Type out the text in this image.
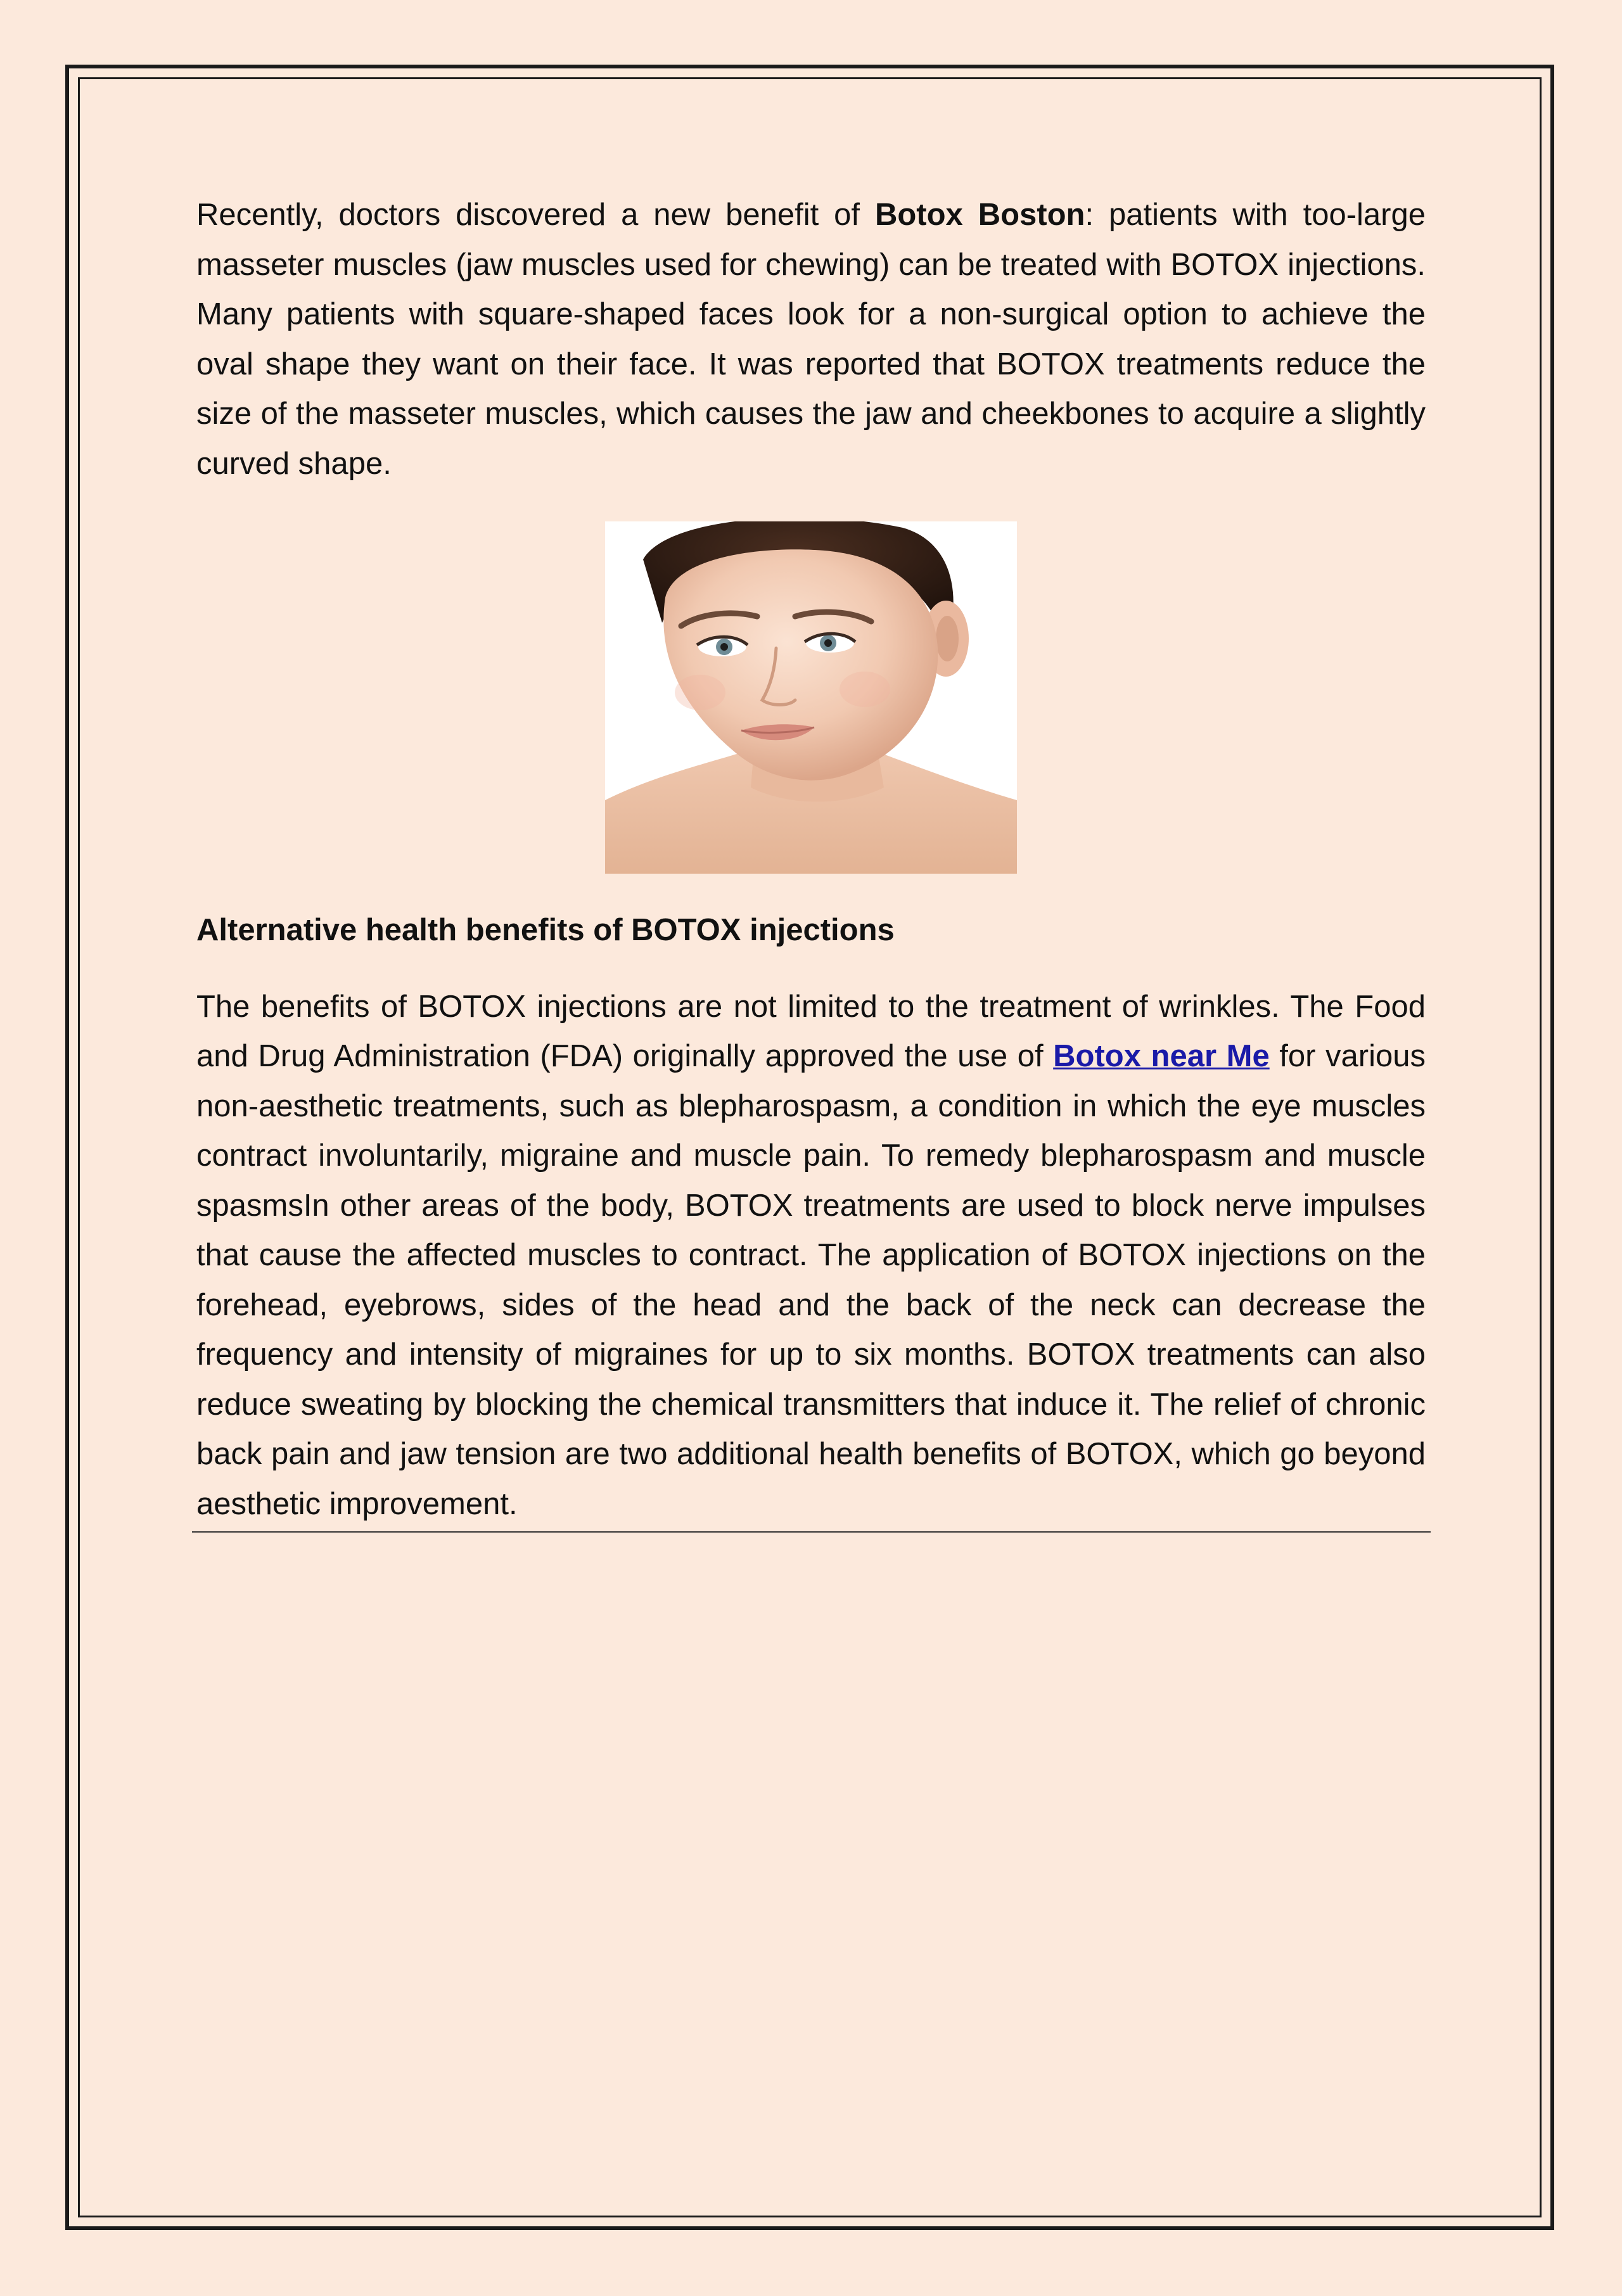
Recently, doctors discovered a new benefit of Botox Boston: patients with too-large masseter muscles (jaw muscles used for chewing) can be treated with BOTOX injections. Many patients with square-shaped faces look for a non-surgical option to achieve the oval shape they want on their face. It was reported that BOTOX treatments reduce the size of the masseter muscles, which causes the jaw and cheekbones to acquire a slightly curved shape.

Alternative health benefits of BOTOX injections

The benefits of BOTOX injections are not limited to the treatment of wrinkles. The Food and Drug Administration (FDA) originally approved the use of Botox near Me for various non-aesthetic treatments, such as blepharospasm, a condition in which the eye muscles contract involuntarily, migraine and muscle pain. To remedy blepharospasm and muscle spasmsIn other areas of the body, BOTOX treatments are used to block nerve impulses that cause the affected muscles to contract. The application of BOTOX injections on the forehead, eyebrows, sides of the head and the back of the neck can decrease the frequency and intensity of migraines for up to six months. BOTOX treatments can also reduce sweating by blocking the chemical transmitters that induce it. The relief of chronic back pain and jaw tension are two additional health benefits of BOTOX, which go beyond aesthetic improvement.
